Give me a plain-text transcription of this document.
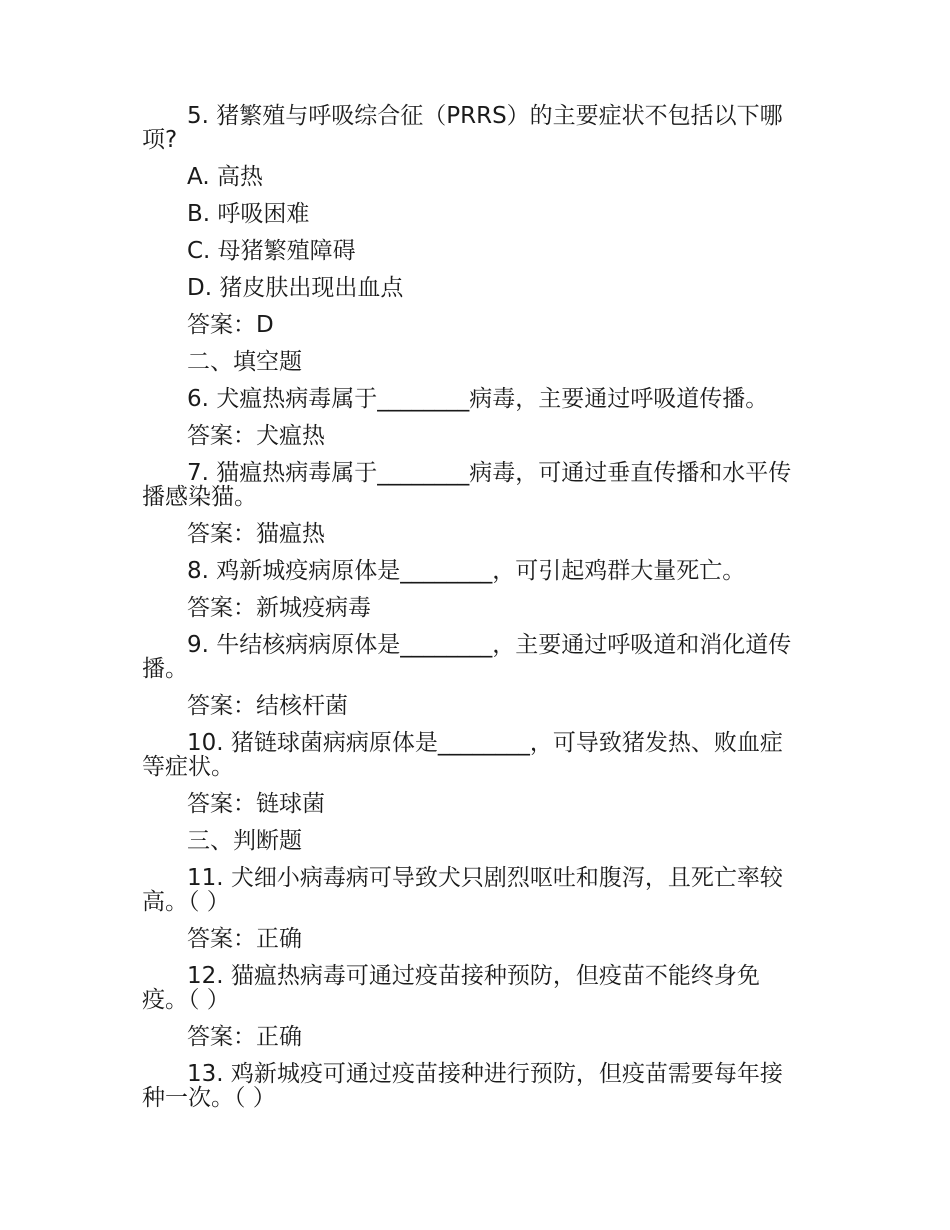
5. 猪繁殖与呼吸综合征（PRRS）的主要症状不包括以下哪项?

A. 高热

B. 呼吸困难

C. 母猪繁殖障碍

D. 猪皮肤出现出血点

答案：D

二、填空题

6. 犬瘟热病毒属于________病毒，主要通过呼吸道传播。

答案：犬瘟热

7. 猫瘟热病毒属于________病毒，可通过垂直传播和水平传播感染猫。

答案：猫瘟热

8. 鸡新城疫病原体是________，可引起鸡群大量死亡。

答案：新城疫病毒

9. 牛结核病病原体是________，主要通过呼吸道和消化道传播。

答案：结核杆菌

10. 猪链球菌病病原体是________，可导致猪发热、败血症等症状。

答案：链球菌

三、判断题

11. 犬细小病毒病可导致犬只剧烈呕吐和腹泻，且死亡率较高。（ ）

答案：正确

12. 猫瘟热病毒可通过疫苗接种预防，但疫苗不能终身免疫。（ ）

答案：正确

13. 鸡新城疫可通过疫苗接种进行预防，但疫苗需要每年接种一次。（ ）
